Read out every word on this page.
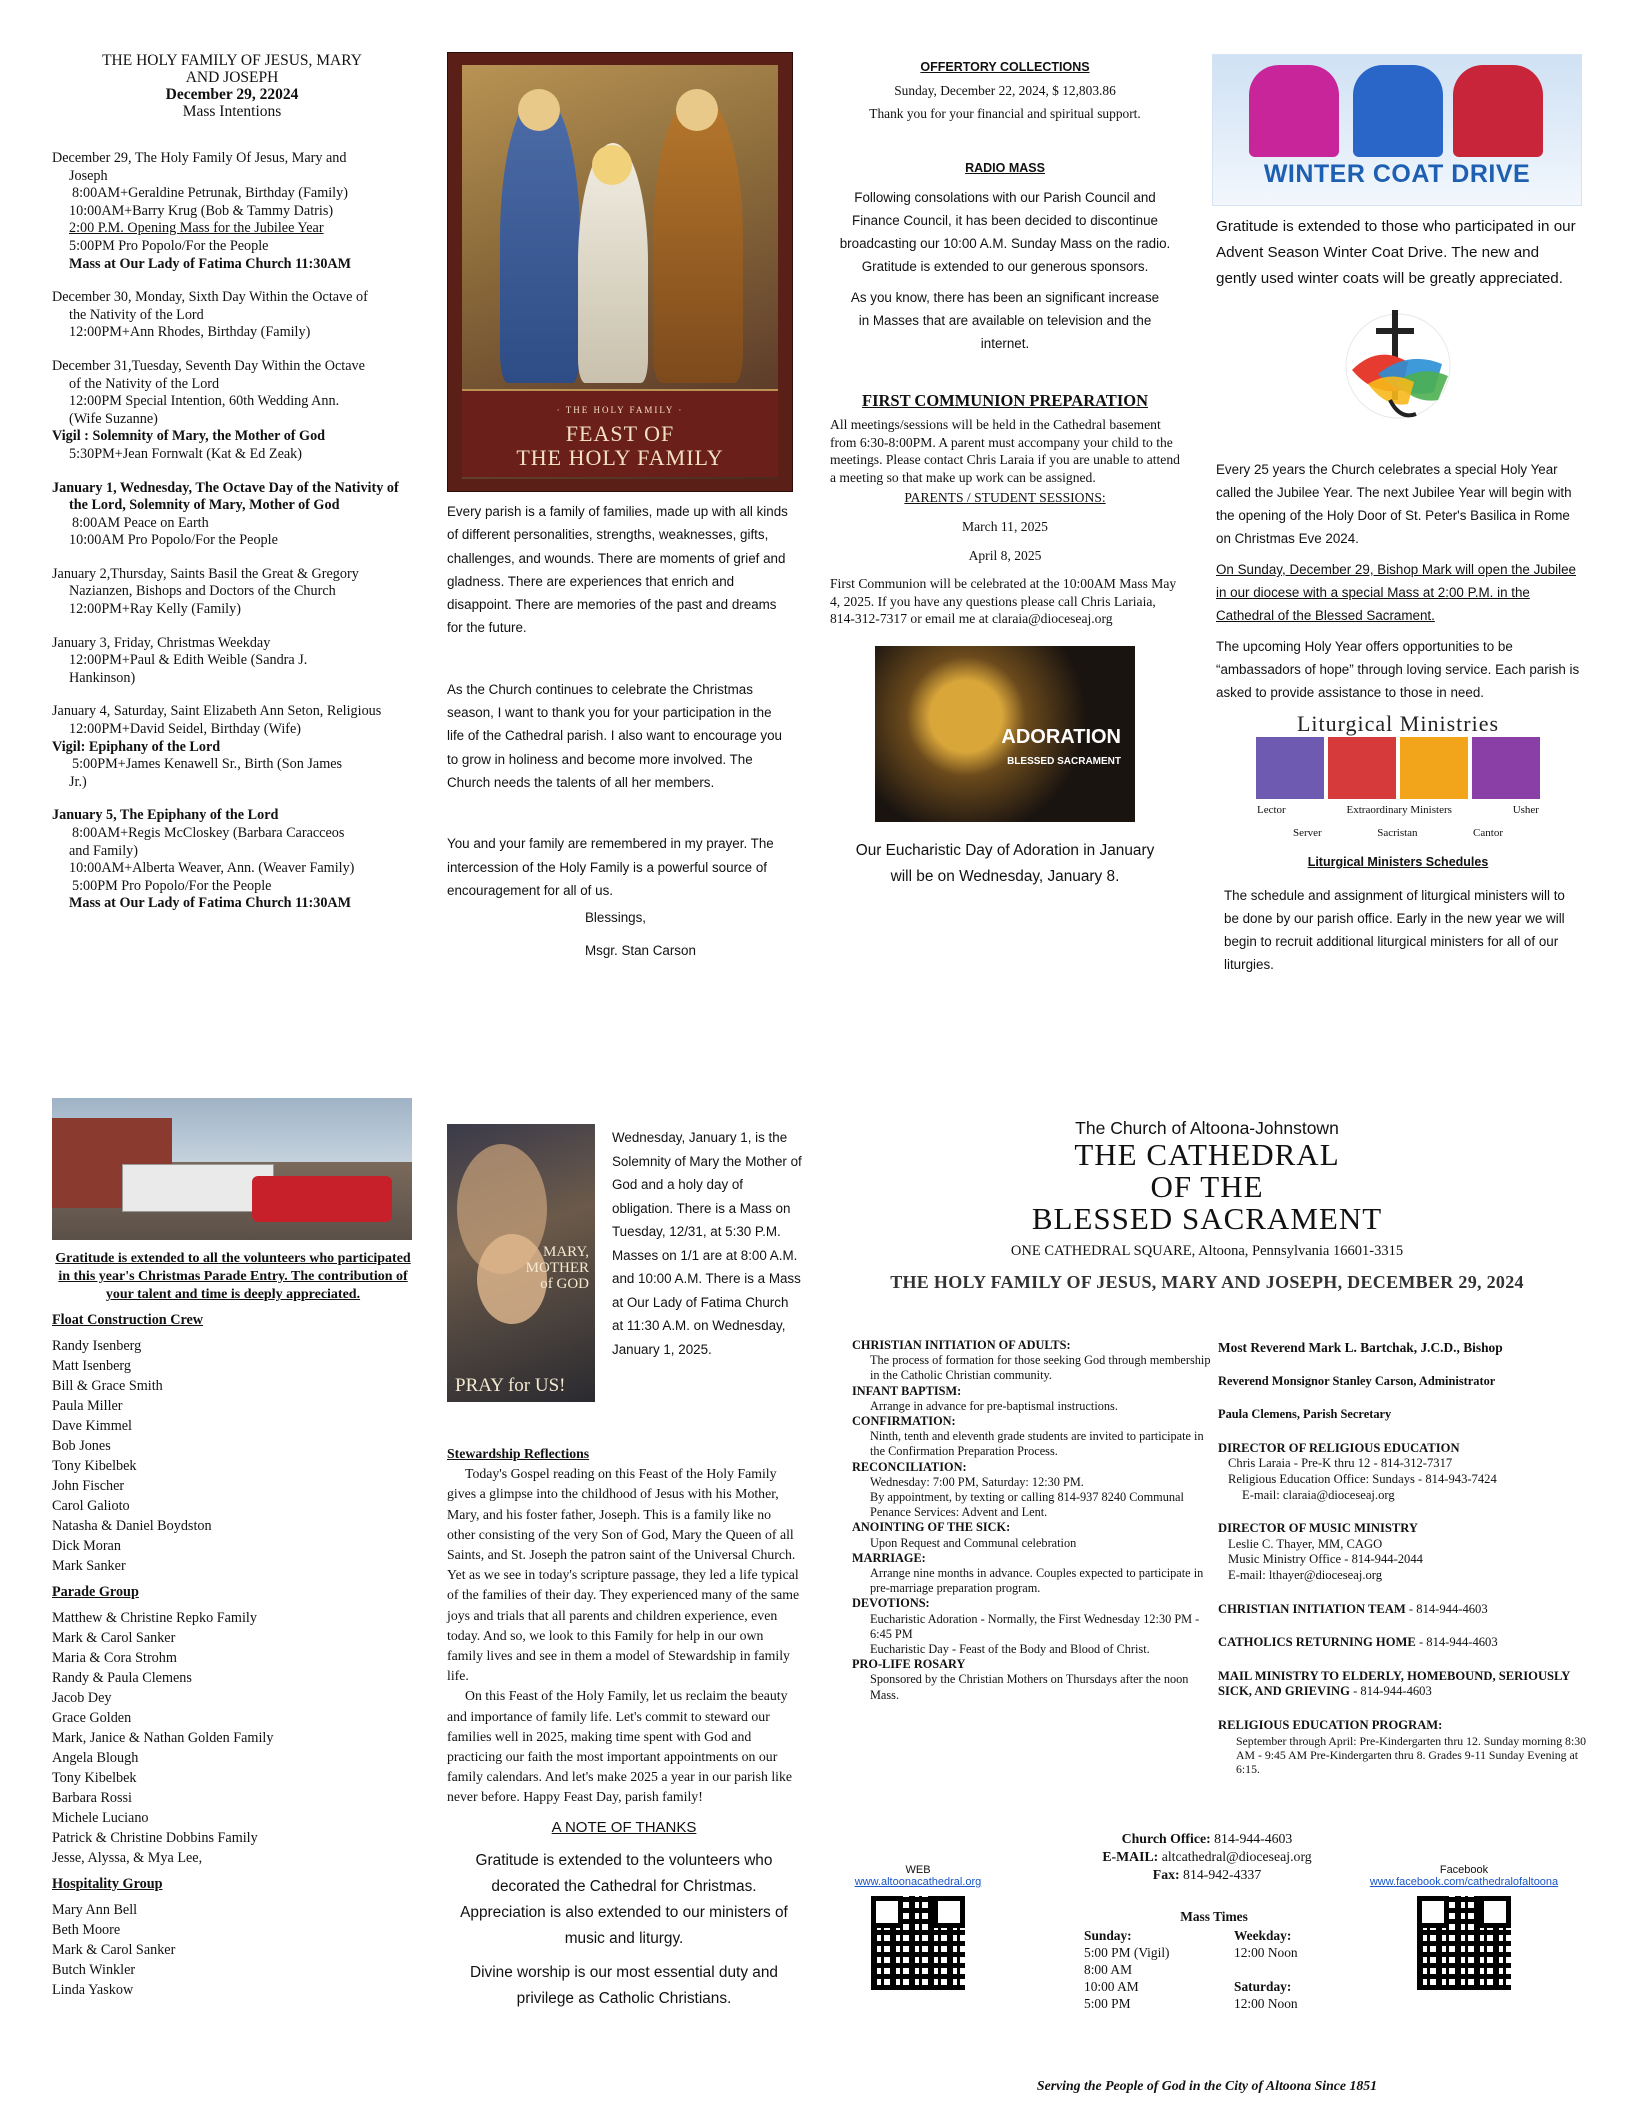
THE HOLY FAMILY OF JESUS, MARY
AND JOSEPH
December 29, 22024
Mass Intentions
December 29, The Holy Family Of Jesus, Mary and
Joseph
8:00AM+Geraldine Petrunak, Birthday (Family)
10:00AM+Barry Krug (Bob & Tammy Datris)
2:00 P.M. Opening Mass for the Jubilee Year
5:00PM Pro Popolo/For the People
Mass at Our Lady of Fatima Church 11:30AM
December 30, Monday, Sixth Day Within the Octave of
the Nativity of the Lord
12:00PM+Ann Rhodes, Birthday (Family)
December 31,Tuesday, Seventh Day Within the Octave
of the Nativity of the Lord
12:00PM Special Intention, 60th Wedding Ann.
(Wife Suzanne)
Vigil : Solemnity of Mary, the Mother of God
5:30PM+Jean Fornwalt (Kat & Ed Zeak)
January 1, Wednesday, The Octave Day of the Nativity of the Lord, Solemnity of Mary, Mother of God
8:00AM Peace on Earth
10:00AM Pro Popolo/For the People
January 2,Thursday, Saints Basil the Great & Gregory
Nazianzen, Bishops and Doctors of the Church
12:00PM+Ray Kelly (Family)
January 3, Friday, Christmas Weekday
12:00PM+Paul & Edith Weible (Sandra J.
Hankinson)
January 4, Saturday, Saint Elizabeth Ann Seton, Religious
12:00PM+David Seidel, Birthday (Wife)
Vigil: Epiphany of the Lord
5:00PM+James Kenawell Sr., Birth (Son James
Jr.)
January 5, The Epiphany of the Lord
8:00AM+Regis McCloskey (Barbara Caracceos
and Family)
10:00AM+Alberta Weaver, Ann. (Weaver Family)
5:00PM Pro Popolo/For the People
Mass at Our Lady of Fatima Church 11:30AM
· THE HOLY FAMILY ·
FEAST OF
THE HOLY FAMILY

Every parish is a family of families, made up with all kinds of different personalities, strengths, weaknesses, gifts, challenges, and wounds. There are moments of grief and gladness. There are experiences that enrich and disappoint. There are memories of the past and dreams for the future.

As the Church continues to celebrate the Christmas season, I want to thank you for your participation in the life of the Cathedral parish. I also want to encourage you to grow in holiness and become more involved. The Church needs the talents of all her members.

You and your family are remembered in my prayer. The intercession of the Holy Family is a powerful source of encouragement for all of us.

Blessings,

Msgr. Stan Carson

OFFERTORY COLLECTIONS
Sunday, December 22, 2024, $ 12,803.86
Thank you for your financial and spiritual support.
RADIO MASS

Following consolations with our Parish Council and Finance Council, it has been decided to discontinue broadcasting our 10:00 A.M. Sunday Mass on the radio. Gratitude is extended to our generous sponsors.

As you know, there has been an significant increase in Masses that are available on television and the internet.

FIRST COMMUNION PREPARATION

All meetings/sessions will be held in the Cathedral basement from 6:30-8:00PM. A parent must accompany your child to the meetings. Please contact Chris Laraia if you are unable to attend a meeting so that make up work can be assigned.

PARENTS / STUDENT SESSIONS:
March 11, 2025
April 8, 2025

First Communion will be celebrated at the 10:00AM Mass May 4, 2025. If you have any questions please call Chris Lariaia, 814-312-7317 or email me at claraia@dioceseaj.org

ADORATION
BLESSED SACRAMENT

Our Eucharistic Day of Adoration in January will be on Wednesday, January 8.

WINTER COAT DRIVE

Gratitude is extended to those who participated in our Advent Season Winter Coat Drive. The new and gently used winter coats will be greatly appreciated.

Every 25 years the Church celebrates a special Holy Year called the Jubilee Year. The next Jubilee Year will begin with the opening of the Holy Door of St. Peter's Basilica in Rome on Christmas Eve 2024.

On Sunday, December 29, Bishop Mark will open the Jubilee in our diocese with a special Mass at 2:00 P.M. in the Cathedral of the Blessed Sacrament.

The upcoming Holy Year offers opportunities to be “ambassadors of hope” through loving service. Each parish is asked to provide assistance to those in need.

Liturgical Ministries
Lector	Extraordinary Ministers	Usher
Server	Sacristan	Cantor
Liturgical Ministers Schedules

The schedule and assignment of liturgical ministers will to be done by our parish office. Early in the new year we will begin to recruit additional liturgical ministers for all of our liturgies.

Gratitude is extended to all the volunteers who participated in this year's Christmas Parade Entry. The contribution of your talent and time is deeply appreciated.

Float Construction Crew
Randy Isenberg
Matt Isenberg
Bill & Grace Smith
Paula Miller
Dave Kimmel
Bob Jones
Tony Kibelbek
John Fischer
Carol Galioto
Natasha & Daniel Boydston
Dick Moran
Mark Sanker
Parade Group
Matthew & Christine Repko Family
Mark & Carol Sanker
Maria & Cora Strohm
Randy & Paula Clemens
Jacob Dey
Grace Golden
Mark, Janice & Nathan Golden Family
Angela Blough
Tony Kibelbek
Barbara Rossi
Michele Luciano
Patrick & Christine Dobbins Family
Jesse, Alyssa, & Mya Lee,
Hospitality Group
Mary Ann Bell
Beth Moore
Mark & Carol Sanker
Butch Winkler
Linda Yaskow
MARY,
MOTHER
of GOD
PRAY for US!

Wednesday, January 1, is the Solemnity of Mary the Mother of God and a holy day of obligation. There is a Mass on Tuesday, 12/31, at 5:30 P.M. Masses on 1/1 are at 8:00 A.M. and 10:00 A.M. There is a Mass at Our Lady of Fatima Church at 11:30 A.M. on Wednesday, January 1, 2025.

Stewardship Reflections

Today's Gospel reading on this Feast of the Holy Family gives a glimpse into the childhood of Jesus with his Mother, Mary, and his foster father, Joseph. This is a family like no other consisting of the very Son of God, Mary the Queen of all Saints, and St. Joseph the patron saint of the Universal Church. Yet as we see in today's scripture passage, they led a life typical of the families of their day. They experienced many of the same joys and trials that all parents and children experience, even today. And so, we look to this Family for help in our own family lives and see in them a model of Stewardship in family life.

On this Feast of the Holy Family, let us reclaim the beauty and importance of family life. Let's commit to steward our families well in 2025, making time spent with God and practicing our faith the most important appointments on our family calendars. And let's make 2025 a year in our parish like never before. Happy Feast Day, parish family!

A NOTE OF THANKS

Gratitude is extended to the volunteers who decorated the Cathedral for Christmas. Appreciation is also extended to our ministers of music and liturgy.

Divine worship is our most essential duty and privilege as Catholic Christians.

The Church of Altoona-Johnstown
THE CATHEDRAL
OF THE
BLESSED SACRAMENT
ONE CATHEDRAL SQUARE, Altoona, Pennsylvania 16601-3315
THE HOLY FAMILY OF JESUS, MARY AND JOSEPH, DECEMBER 29, 2024
CHRISTIAN INITIATION OF ADULTS:
The process of formation for those seeking God through membership in the Catholic Christian community.
INFANT BAPTISM:
Arrange in advance for pre-baptismal instructions.
CONFIRMATION:
Ninth, tenth and eleventh grade students are invited to participate in the Confirmation Preparation Process.
RECONCILIATION:
Wednesday: 7:00 PM, Saturday: 12:30 PM.
By appointment, by texting or calling 814-937 8240 Communal Penance Services: Advent and Lent.
ANOINTING OF THE SICK:
Upon Request and Communal celebration
MARRIAGE:
Arrange nine months in advance. Couples expected to participate in pre-marriage preparation program.
DEVOTIONS:
Eucharistic Adoration - Normally, the First Wednesday 12:30 PM - 6:45 PM
Eucharistic Day - Feast of the Body and Blood of Christ.
PRO-LIFE ROSARY
Sponsored by the Christian Mothers on Thursdays after the noon Mass.
Most Reverend Mark L. Bartchak, J.C.D., Bishop
Reverend Monsignor Stanley Carson, Administrator
Paula Clemens, Parish Secretary
DIRECTOR OF RELIGIOUS EDUCATION
Chris Laraia - Pre-K thru 12 - 814-312-7317
Religious Education Office: Sundays - 814-943-7424
E-mail: claraia@dioceseaj.org
DIRECTOR OF MUSIC MINISTRY
Leslie C. Thayer, MM, CAGO
Music Ministry Office - 814-944-2044
E-mail: lthayer@dioceseaj.org
CHRISTIAN INITIATION TEAM - 814-944-4603
CATHOLICS RETURNING HOME - 814-944-4603
MAIL MINISTRY TO ELDERLY, HOMEBOUND, SERIOUSLY SICK, AND GRIEVING - 814-944-4603
RELIGIOUS EDUCATION PROGRAM:

September through April: Pre-Kindergarten thru 12. Sunday morning 8:30 AM - 9:45 AM Pre-Kindergarten thru 8. Grades 9-11 Sunday Evening at 6:15.

Church Office: 814-944-4603
E-MAIL: altcathedral@dioceseaj.org
Fax: 814-942-4337
WEB
www.altoonacathedral.org
Facebook
www.facebook.com/cathedralofaltoona
Mass Times
Sunday:
5:00 PM (Vigil)
8:00 AM
10:00 AM
5:00 PM
Weekday:
12:00 Noon
Saturday:
12:00 Noon
Serving the People of God in the City of Altoona Since 1851
